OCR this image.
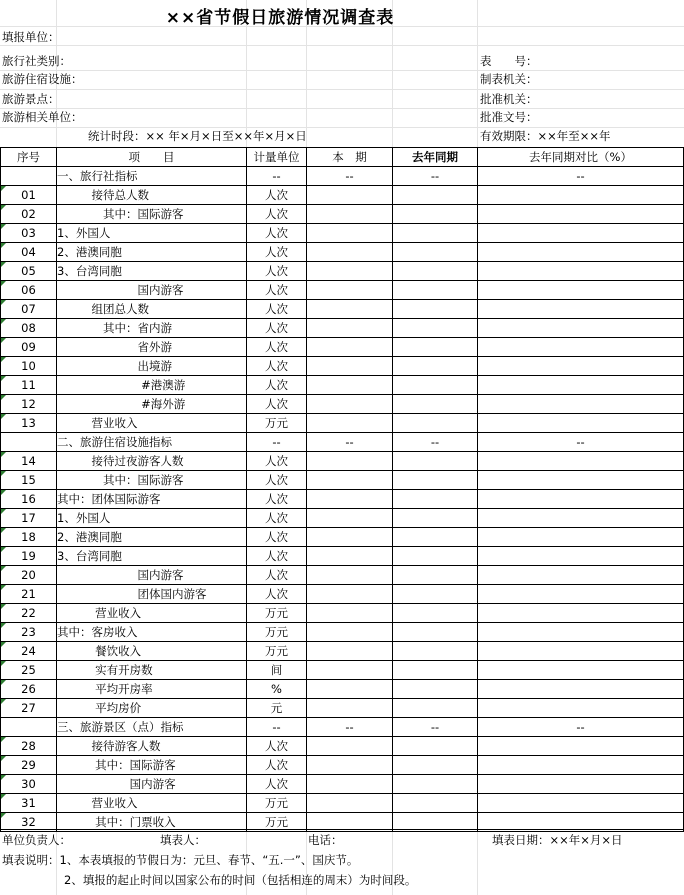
××省节假日旅游情况调查表
填报单位：
旅行社类别：
旅游住宿设施：
旅游景点：
旅游相关单位：
统计时段：×× 年×月×日至××年×月×日
表　　号：
制表机关：
批准机关：
批准文号：
有效期限：××年至××年
序号	项　　目	计量单位	本　期	去年同期	去年同期对比（%）
	一、旅行社指标	--	--	--	--
01	　　　接待总人数	人次			
02	　　　　其中：国际游客	人次			
03	1、外国人	人次			
04	2、港澳同胞	人次			
05	3、台湾同胞	人次			
06	　　　　　　　国内游客	人次			
07	　　　组团总人数	人次			
08	　　　　其中：省内游	人次			
09	　　　　　　　省外游	人次			
10	　　　　　　　出境游	人次			
11	　　　　　　　 #港澳游	人次			
12	　　　　　　　 #海外游	人次			
13	　　　营业收入	万元			
	二、旅游住宿设施指标	--	--	--	--
14	　　　接待过夜游客人数	人次			
15	　　　　其中：国际游客	人次			
16	其中：团体国际游客	人次			
17	1、外国人	人次			
18	2、港澳同胞	人次			
19	3、台湾同胞	人次			
20	　　　　　　　国内游客	人次			
21	　　　　　　　团体国内游客	人次			
22	　　　 营业收入	万元			
23	其中：客房收入	万元			
24	　　　 餐饮收入	万元			
25	　　　 实有开房数	间			
26	　　　 平均开房率	%			
27	　　　 平均房价	元			
	三、旅游景区（点）指标	--	--	--	--
28	　　　接待游客人数	人次			
29	　　　 其中：国际游客	人次			
30	　　　　　　 国内游客	人次			
31	　　　营业收入	万元			
32	　　　 其中：门票收入	万元			
单位负责人：	填表人：	电话：	填表日期：××年×月×日
填表说明：1、本表填报的节假日为：元旦、春节、“五.一”、国庆节。
2、填报的起止时间以国家公布的时间（包括相连的周末）为时间段。
